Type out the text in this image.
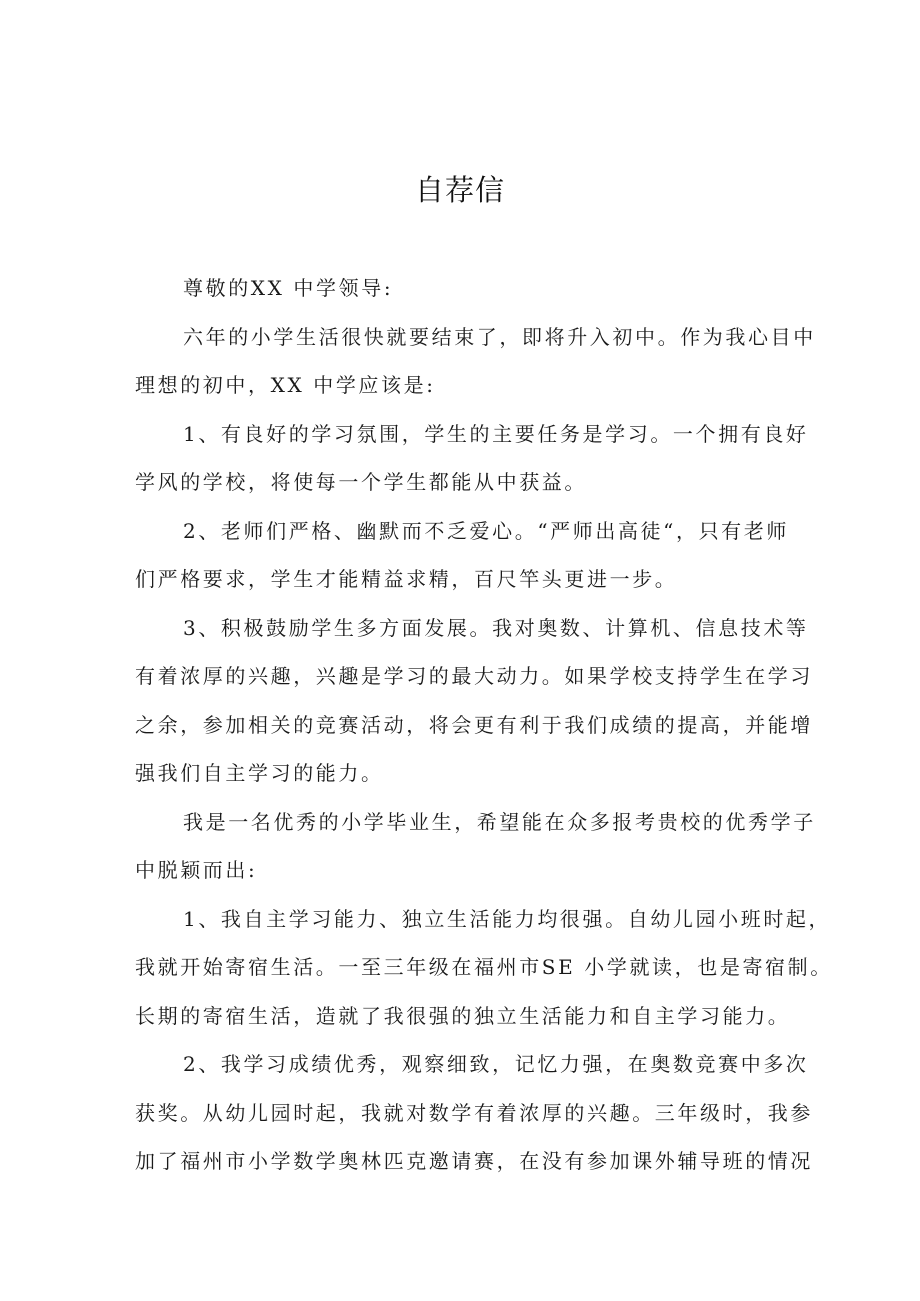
自荐信

尊敬的XX 中学领导:

六年的小学生活很快就要结束了，即将升入初中。作为我心目中
理想的初中，XX 中学应该是:

1、有良好的学习氛围，学生的主要任务是学习。一个拥有良好
学风的学校，将使每一个学生都能从中获益。

2、老师们严格、幽默而不乏爱心。“严师出高徒“，只有老师
们严格要求，学生才能精益求精，百尺竿头更进一步。

3、积极鼓励学生多方面发展。我对奥数、计算机、信息技术等
有着浓厚的兴趣，兴趣是学习的最大动力。如果学校支持学生在学习
之余，参加相关的竞赛活动，将会更有利于我们成绩的提高，并能增
强我们自主学习的能力。

我是一名优秀的小学毕业生，希望能在众多报考贵校的优秀学子
中脱颖而出:

1、我自主学习能力、独立生活能力均很强。自幼儿园小班时起，
我就开始寄宿生活。一至三年级在福州市SE 小学就读，也是寄宿制。
长期的寄宿生活，造就了我很强的独立生活能力和自主学习能力。

2、我学习成绩优秀，观察细致，记忆力强，在奥数竞赛中多次
获奖。从幼儿园时起，我就对数学有着浓厚的兴趣。三年级时，我参
加了福州市小学数学奥林匹克邀请赛，在没有参加课外辅导班的情况
